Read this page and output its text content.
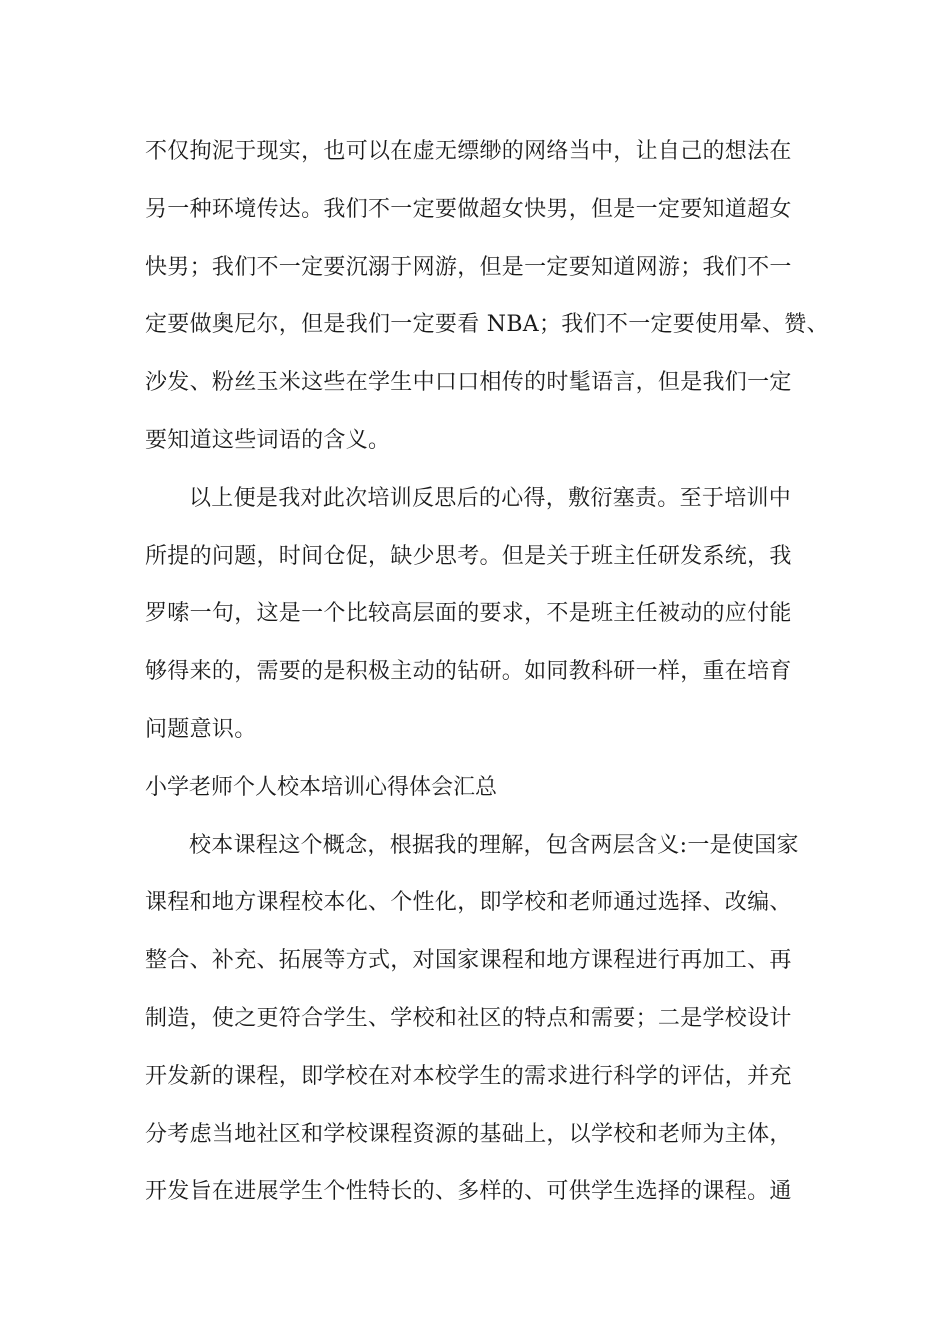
不仅拘泥于现实，也可以在虚无缥缈的网络当中，让自己的想法在
另一种环境传达。我们不一定要做超女快男，但是一定要知道超女
快男；我们不一定要沉溺于网游，但是一定要知道网游；我们不一
定要做奥尼尔，但是我们一定要看 NBA；我们不一定要使用晕、赞、
沙发、粉丝玉米这些在学生中口口相传的时髦语言，但是我们一定
要知道这些词语的含义。
以上便是我对此次培训反思后的心得，敷衍塞责。至于培训中
所提的问题，时间仓促，缺少思考。但是关于班主任研发系统，我
罗嗦一句，这是一个比较高层面的要求，不是班主任被动的应付能
够得来的，需要的是积极主动的钻研。如同教科研一样，重在培育
问题意识。
小学老师个人校本培训心得体会汇总
校本课程这个概念，根据我的理解，包含两层含义:一是使国家
课程和地方课程校本化、个性化，即学校和老师通过选择、改编、
整合、补充、拓展等方式，对国家课程和地方课程进行再加工、再
制造，使之更符合学生、学校和社区的特点和需要；二是学校设计
开发新的课程，即学校在对本校学生的需求进行科学的评估，并充
分考虑当地社区和学校课程资源的基础上，以学校和老师为主体，
开发旨在进展学生个性特长的、多样的、可供学生选择的课程。通
